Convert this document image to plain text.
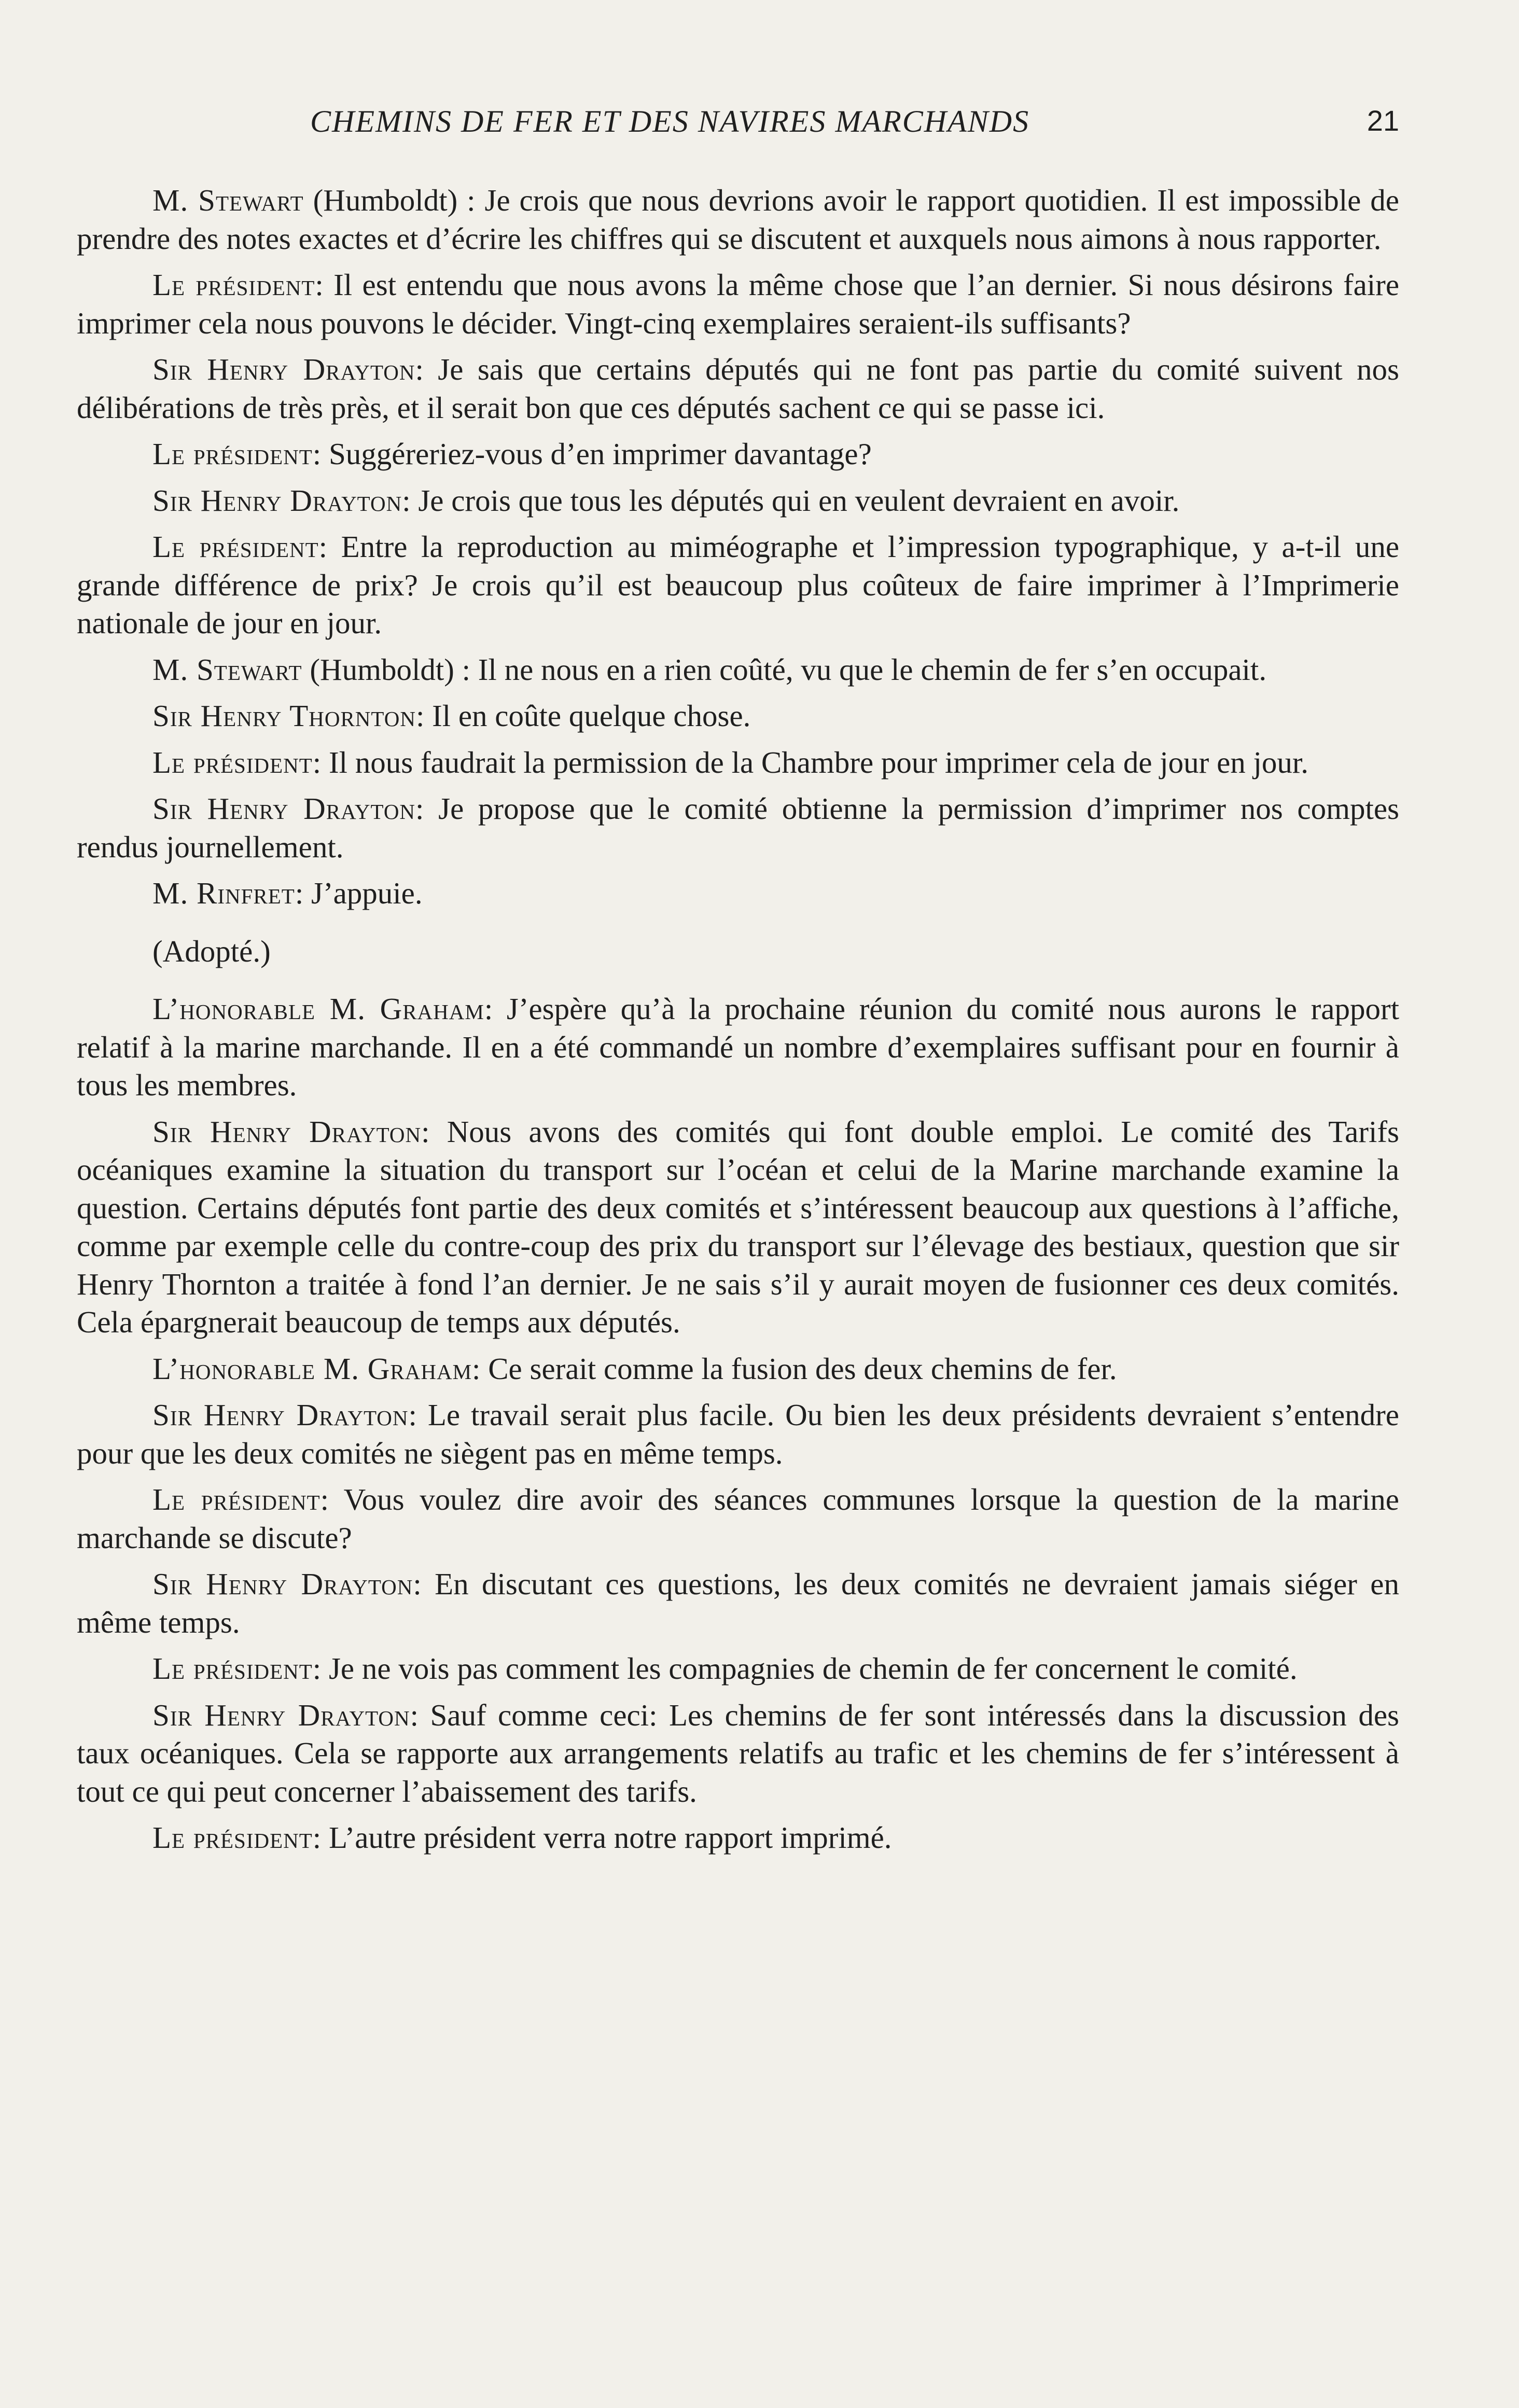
CHEMINS DE FER ET DES NAVIRES MARCHANDS	21

M. Stewart (Humboldt) : Je crois que nous devrions avoir le rapport quotidien. Il est impossible de prendre des notes exactes et d’écrire les chiffres qui se discutent et auxquels nous aimons à nous rapporter.

Le président: Il est entendu que nous avons la même chose que l’an dernier. Si nous désirons faire imprimer cela nous pouvons le décider. Vingt-cinq exemplaires seraient-ils suffisants?

Sir Henry Drayton: Je sais que certains députés qui ne font pas partie du comité suivent nos délibérations de très près, et il serait bon que ces députés sachent ce qui se passe ici.

Le président: Suggéreriez-vous d’en imprimer davantage?

Sir Henry Drayton: Je crois que tous les députés qui en veulent devraient en avoir.

Le président: Entre la reproduction au miméographe et l’impression typographique, y a-t-il une grande différence de prix? Je crois qu’il est beaucoup plus coûteux de faire imprimer à l’Imprimerie nationale de jour en jour.

M. Stewart (Humboldt) : Il ne nous en a rien coûté, vu que le chemin de fer s’en occupait.

Sir Henry Thornton: Il en coûte quelque chose.

Le président: Il nous faudrait la permission de la Chambre pour imprimer cela de jour en jour.

Sir Henry Drayton: Je propose que le comité obtienne la permission d’imprimer nos comptes rendus journellement.

M. Rinfret: J’appuie.

(Adopté.)

L’honorable M. Graham: J’espère qu’à la prochaine réunion du comité nous aurons le rapport relatif à la marine marchande. Il en a été commandé un nombre d’exemplaires suffisant pour en fournir à tous les membres.

Sir Henry Drayton: Nous avons des comités qui font double emploi. Le comité des Tarifs océaniques examine la situation du transport sur l’océan et celui de la Marine marchande examine la question. Certains députés font partie des deux comités et s’intéressent beaucoup aux questions à l’affiche, comme par exemple celle du contre-coup des prix du transport sur l’élevage des bestiaux, question que sir Henry Thornton a traitée à fond l’an dernier. Je ne sais s’il y aurait moyen de fusionner ces deux comités. Cela épargnerait beaucoup de temps aux députés.

L’honorable M. Graham: Ce serait comme la fusion des deux chemins de fer.

Sir Henry Drayton: Le travail serait plus facile. Ou bien les deux présidents devraient s’entendre pour que les deux comités ne siègent pas en même temps.

Le président: Vous voulez dire avoir des séances communes lorsque la question de la marine marchande se discute?

Sir Henry Drayton: En discutant ces questions, les deux comités ne devraient jamais siéger en même temps.

Le président: Je ne vois pas comment les compagnies de chemin de fer concernent le comité.

Sir Henry Drayton: Sauf comme ceci: Les chemins de fer sont intéressés dans la discussion des taux océaniques. Cela se rapporte aux arrangements relatifs au trafic et les chemins de fer s’intéressent à tout ce qui peut concerner l’abaissement des tarifs.

Le président: L’autre président verra notre rapport imprimé.
